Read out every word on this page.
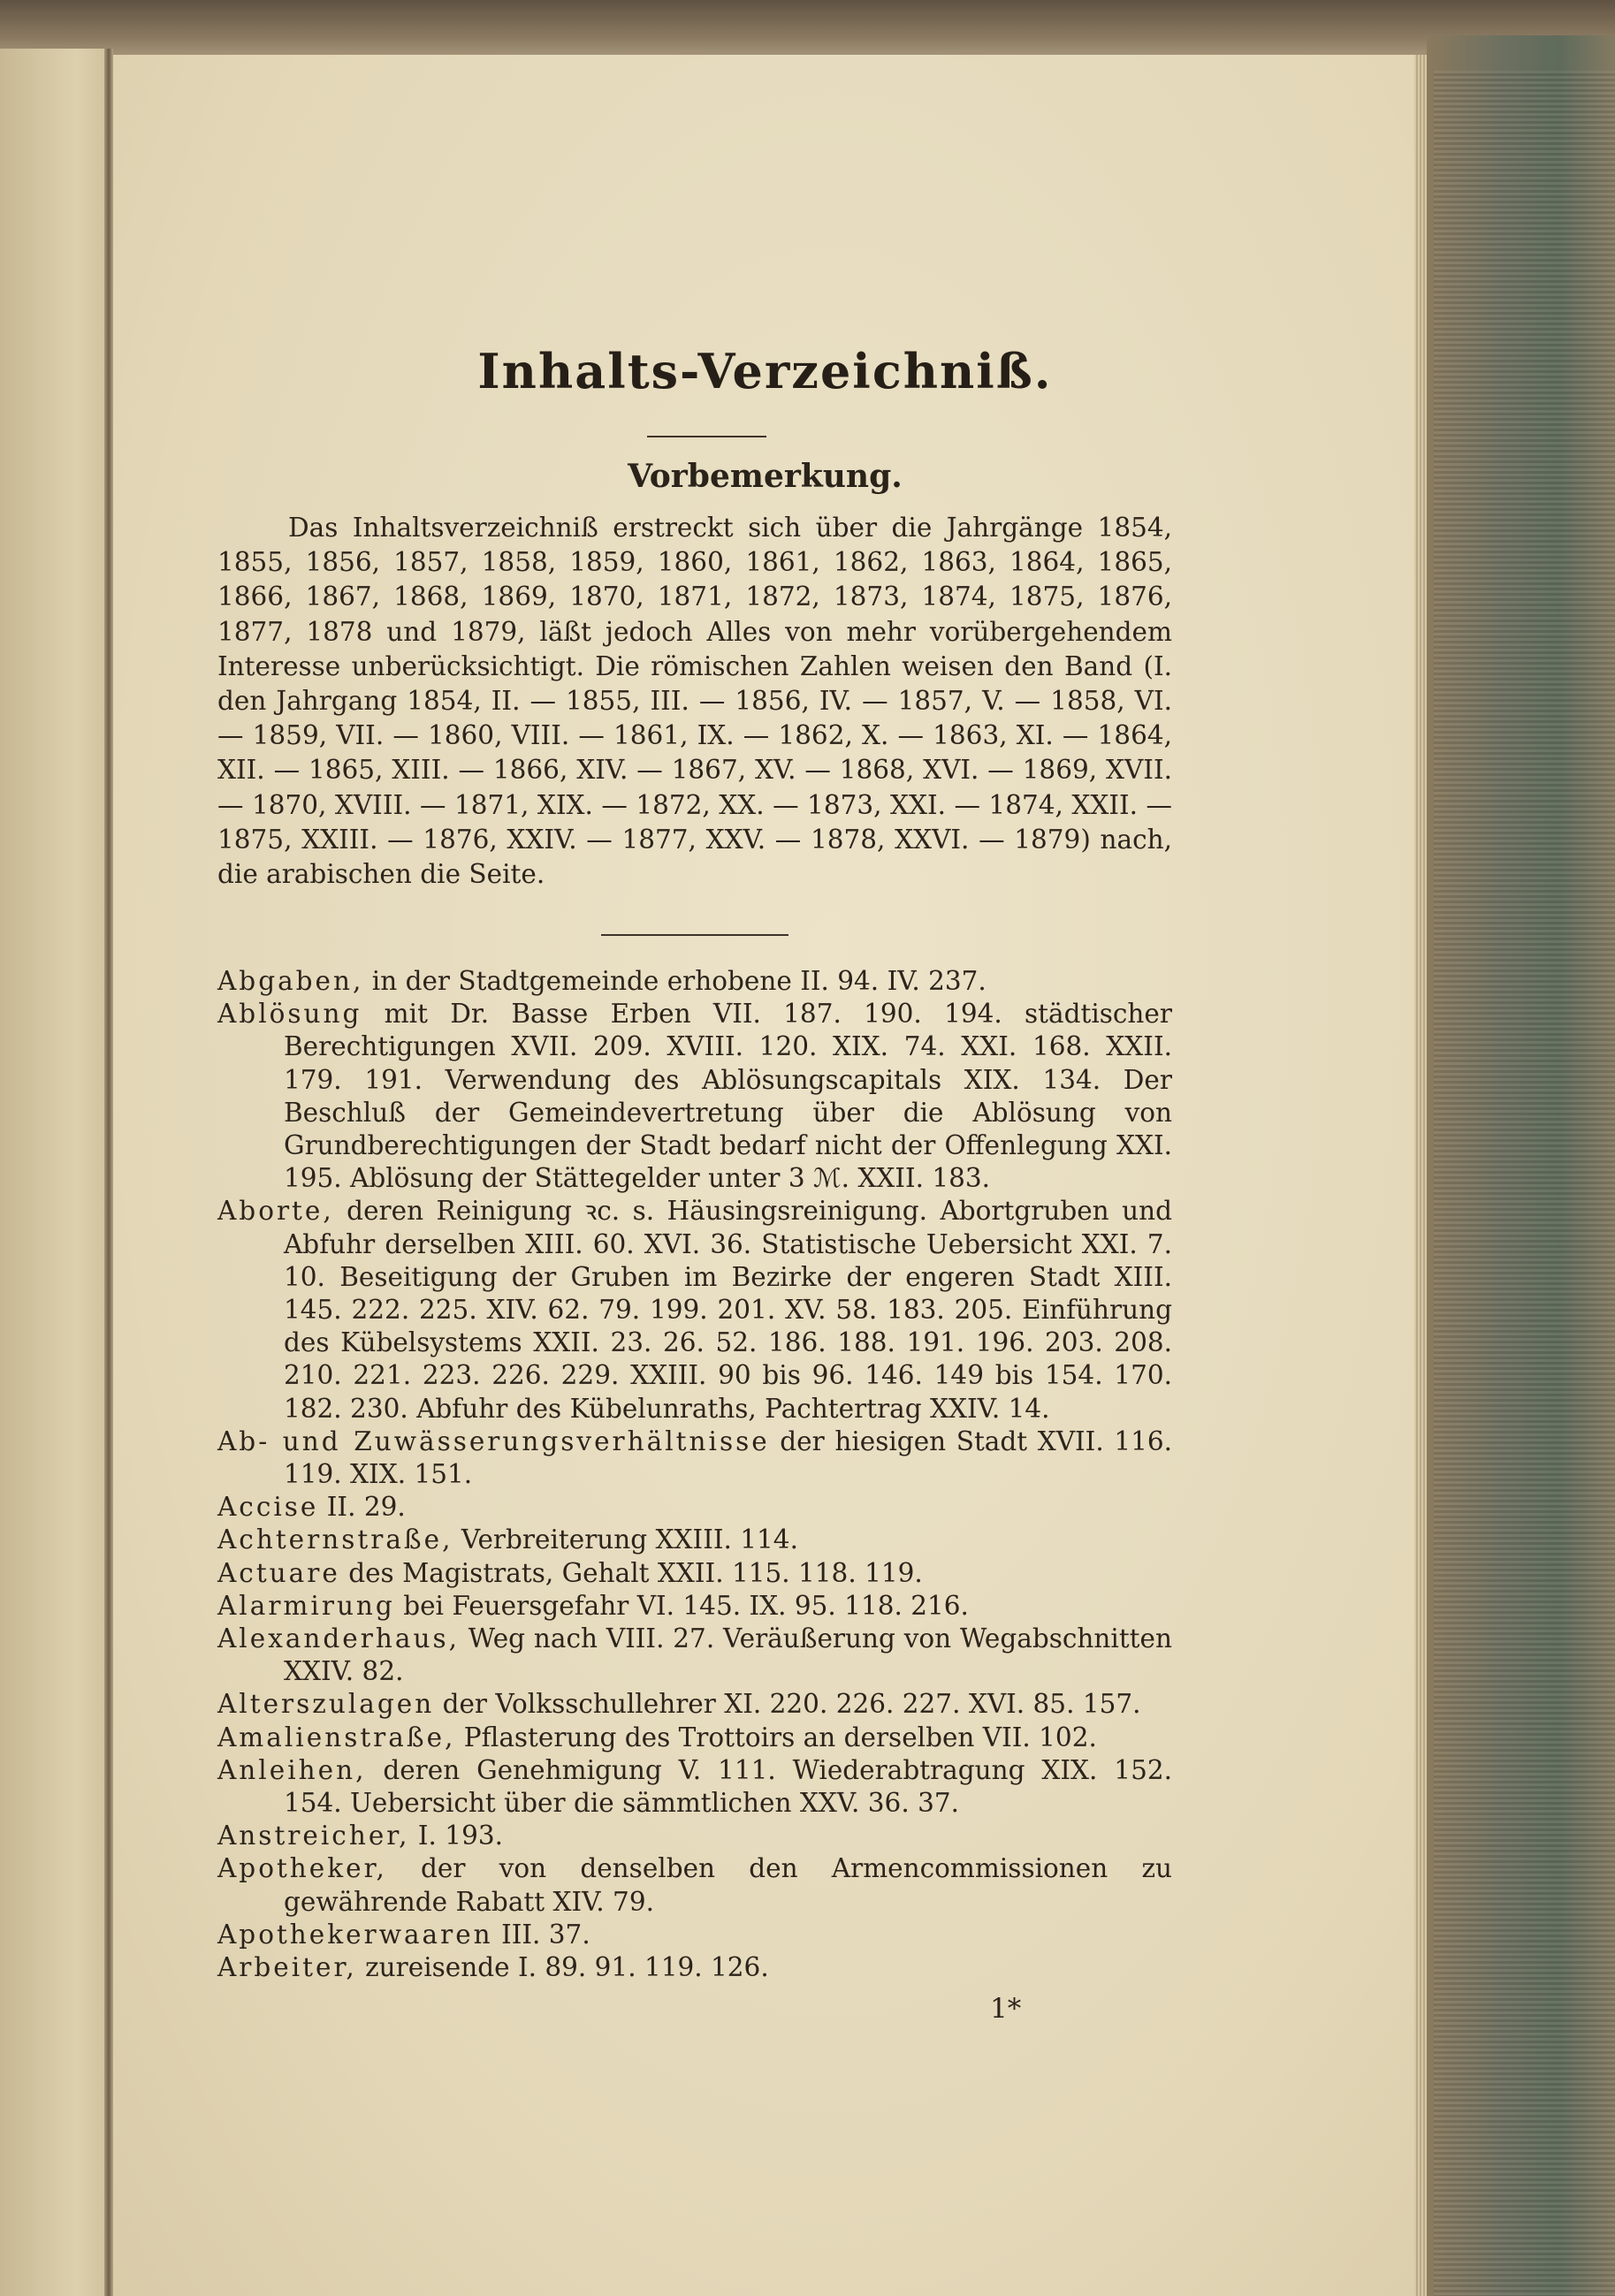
Inhalts-Verzeichniß.
Vorbemerkung.

Das Inhaltsverzeichniß erstreckt sich über die Jahrgänge 1854, 1855, 1856, 1857, 1858, 1859, 1860, 1861, 1862, 1863, 1864, 1865, 1866, 1867, 1868, 1869, 1870, 1871, 1872, 1873, 1874, 1875, 1876, 1877, 1878 und 1879, läßt jedoch Alles von mehr vorübergehendem Interesse unberücksichtigt. Die römischen Zahlen weisen den Band (I. den Jahrgang 1854, II. — 1855, III. — 1856, IV. — 1857, V. — 1858, VI. — 1859, VII. — 1860, VIII. — 1861, IX. — 1862, X. — 1863, XI. — 1864, XII. — 1865, XIII. — 1866, XIV. — 1867, XV. — 1868, XVI. — 1869, XVII. — 1870, XVIII. — 1871, XIX. — 1872, XX. — 1873, XXI. — 1874, XXII. — 1875, XXIII. — 1876, XXIV. — 1877, XXV. — 1878, XXVI. — 1879) nach, die arabischen die Seite.

Abgaben, in der Stadtgemeinde erhobene II. 94. IV. 237.

Ablösung mit Dr. Basse Erben VII. 187. 190. 194. städtischer Berechtigungen XVII. 209. XVIII. 120. XIX. 74. XXI. 168. XXII. 179. 191. Verwendung des Ablösungscapitals XIX. 134. Der Beschluß der Gemeindevertretung über die Ablösung von Grundberechtigungen der Stadt bedarf nicht der Offenlegung XXI. 195. Ablösung der Stättegelder unter 3 ℳ. XXII. 183.

Aborte, deren Reinigung ꝛc. s. Häusingsreinigung. Abortgruben und Abfuhr derselben XIII. 60. XVI. 36. Statistische Uebersicht XXI. 7. 10. Beseitigung der Gruben im Bezirke der engeren Stadt XIII. 145. 222. 225. XIV. 62. 79. 199. 201. XV. 58. 183. 205. Einführung des Kübelsystems XXII. 23. 26. 52. 186. 188. 191. 196. 203. 208. 210. 221. 223. 226. 229. XXIII. 90 bis 96. 146. 149 bis 154. 170. 182. 230. Abfuhr des Kübelunraths, Pachtertrag XXIV. 14.

Ab- und Zuwässerungsverhältnisse der hiesigen Stadt XVII. 116. 119. XIX. 151.

Accise II. 29.

Achternstraße, Verbreiterung XXIII. 114.

Actuare des Magistrats, Gehalt XXII. 115. 118. 119.

Alarmirung bei Feuersgefahr VI. 145. IX. 95. 118. 216.

Alexanderhaus, Weg nach VIII. 27. Veräußerung von Wegabschnitten XXIV. 82.

Alterszulagen der Volksschullehrer XI. 220. 226. 227. XVI. 85. 157.

Amalienstraße, Pflasterung des Trottoirs an derselben VII. 102.

Anleihen, deren Genehmigung V. 111. Wiederabtragung XIX. 152. 154. Uebersicht über die sämmtlichen XXV. 36. 37.

Anstreicher, I. 193.

Apotheker, der von denselben den Armencommissionen zu gewährende Rabatt XIV. 79.

Apothekerwaaren III. 37.

Arbeiter, zureisende I. 89. 91. 119. 126.

1*
